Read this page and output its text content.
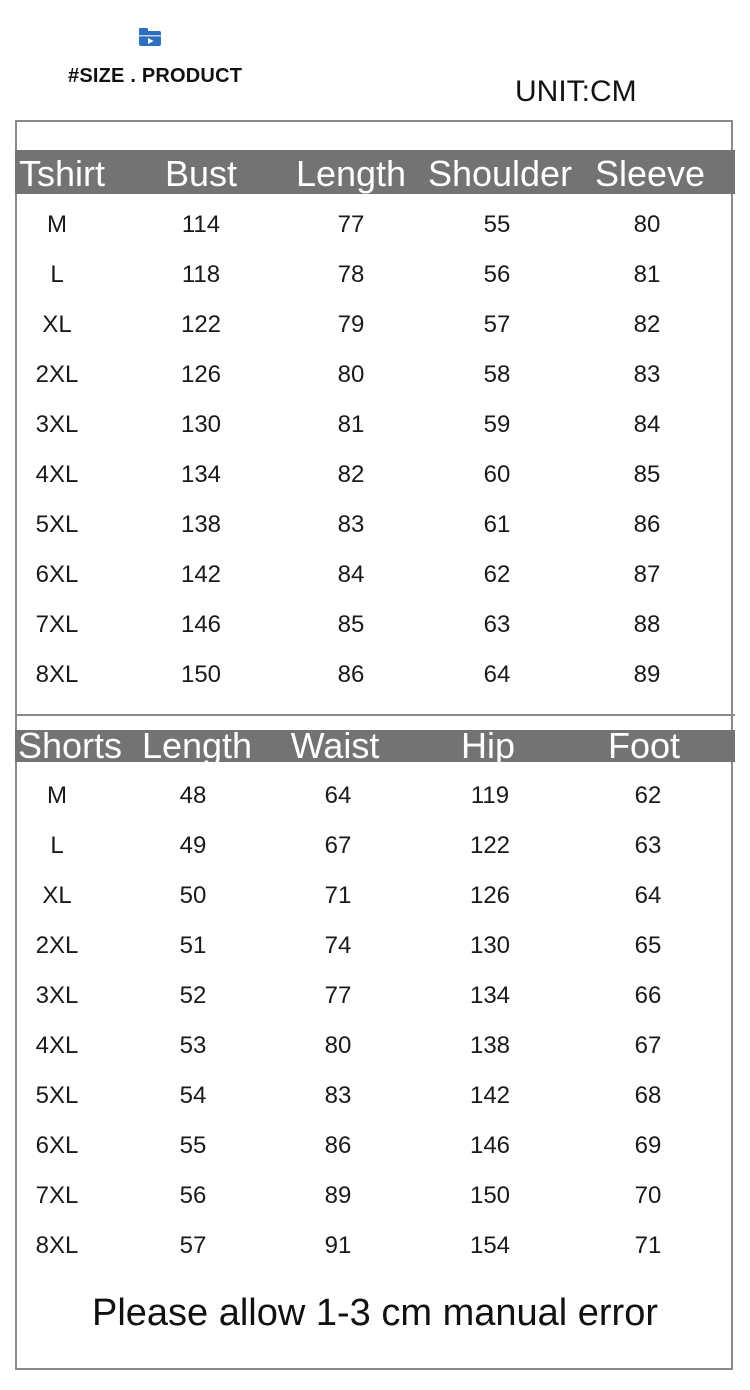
#SIZE . PRODUCT	UNIT:CM
Tshirt Bust Length Shoulder Sleeve
M	114	77	55	80
L	118	78	56	81
XL	122	79	57	82
2XL	126	80	58	83
3XL	130	81	59	84
4XL	134	82	60	85
5XL	138	83	61	86
6XL	142	84	62	87
7XL	146	85	63	88
8XL	150	86	64	89
Shorts Length Waist Hip	Foot
M	48	64	119	62
L	49	67	122	63
XL	50	71	126	64
2XL	51	74	130	65
3XL	52	77	134	66
4XL	53	80	138	67
5XL	54	83	142	68
6XL	55	86	146	69
7XL	56	89	150	70
8XL	57	91	154	71
Please allow 1-3 cm manual error
